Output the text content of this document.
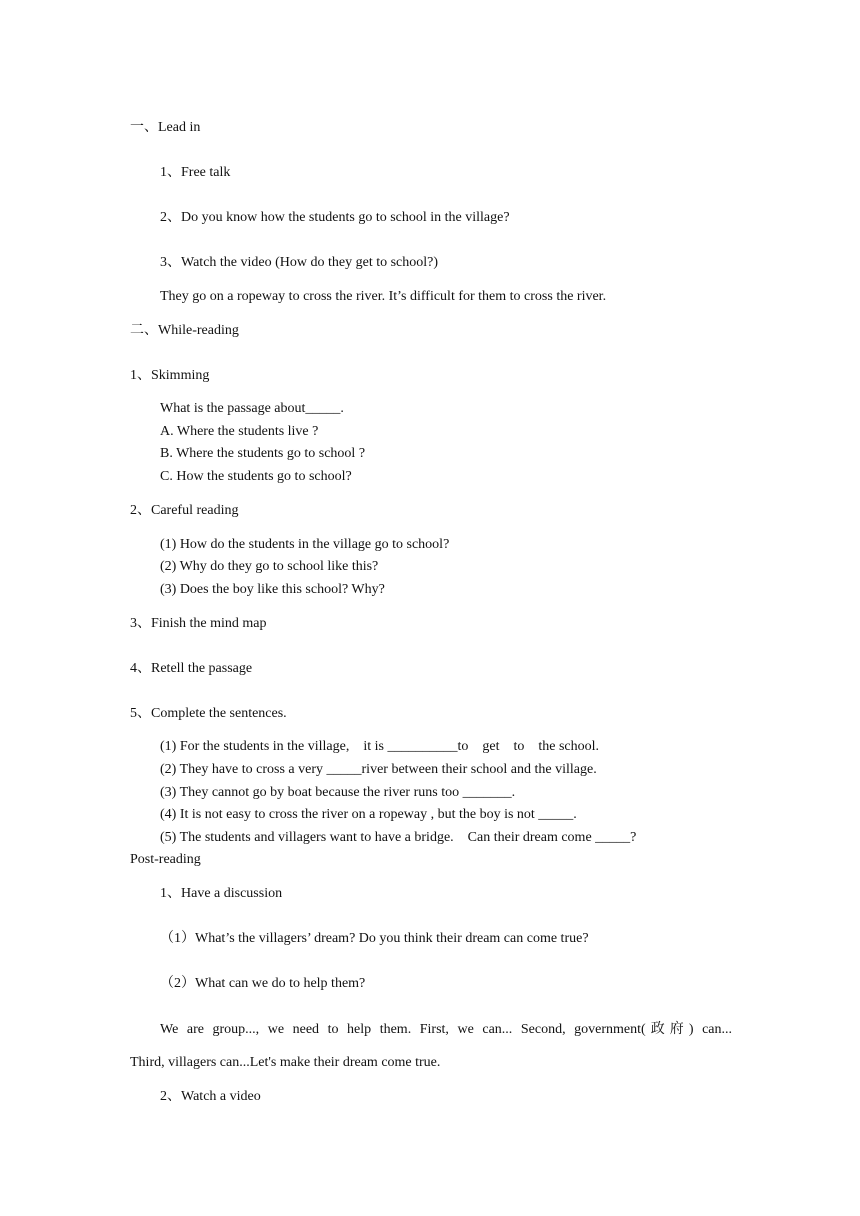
一、Lead in
1、Free talk
2、Do you know how the students go to school in the village?
3、Watch the video (How do they get to school?)
They go on a ropeway to cross the river. It’s difficult for them to cross the river.
二、While-reading
1、Skimming
What is the passage about_____.
A. Where the students live ?
B. Where the students go to school ?
C. How the students go to school?
2、Careful reading
(1) How do the students in the village go to school?
(2) Why do they go to school like this?
(3) Does the boy like this school? Why?
3、Finish the mind map
4、Retell the passage
5、Complete the sentences.
(1) For the students in the village,    it is __________to    get    to    the school.
(2) They have to cross a very _____river between their school and the village.
(3) They cannot go by boat because the river runs too _______.
(4) It is not easy to cross the river on a ropeway , but the boy is not _____.
(5) The students and villagers want to have a bridge.    Can their dream come _____?
Post-reading
1、Have a discussion
（1）What’s the villagers’ dream? Do you think their dream can come true?
（2）What can we do to help them?
We are group..., we need to help them. First, we can... Second, government(政府) can...
Third, villagers can...Let's make their dream come true.
2、Watch a video
